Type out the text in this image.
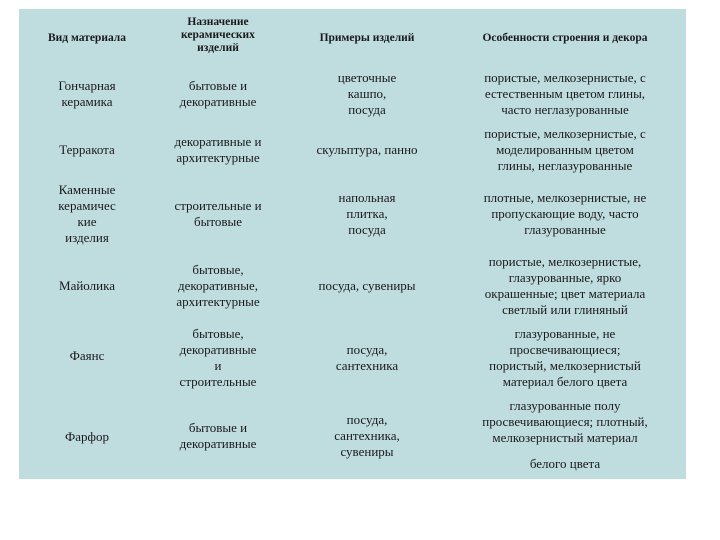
Вид материала
Назначение
керамических
изделий
Примеры изделий	Особенности строения и декора
Гончарная
керамика
бытовые и
декоративные
цветочные
кашпо,
посуда
пористые, мелкозернистые, с
естественным цветом глины,
часто неглазурованные
Терракота
декоративные и
архитектурные
скульптура, панно
пористые, мелкозернистые, с
моделированным цветом
глины, неглазурованные
Каменные
керамичес
кие
изделия
строительные и
бытовые
напольная
плитка,
посуда
плотные, мелкозернистые, не
пропускающие воду, часто
глазурованные
Майолика
бытовые,
декоративные,
архитектурные
посуда, сувениры
пористые, мелкозернистые,
глазурованные, ярко
окрашенные; цвет материала
светлый или глиняный
Фаянс
бытовые,
декоративные
и
строительные
посуда,
сантехника
глазурованные, не
просвечивающиеся;
пористый, мелкозернистый
материал белого цвета
Фарфор
бытовые и
декоративные
посуда,
сантехника,
сувениры
глазурованные полу
просвечивающиеся; плотный,
мелкозернистый материал
белого цвета
